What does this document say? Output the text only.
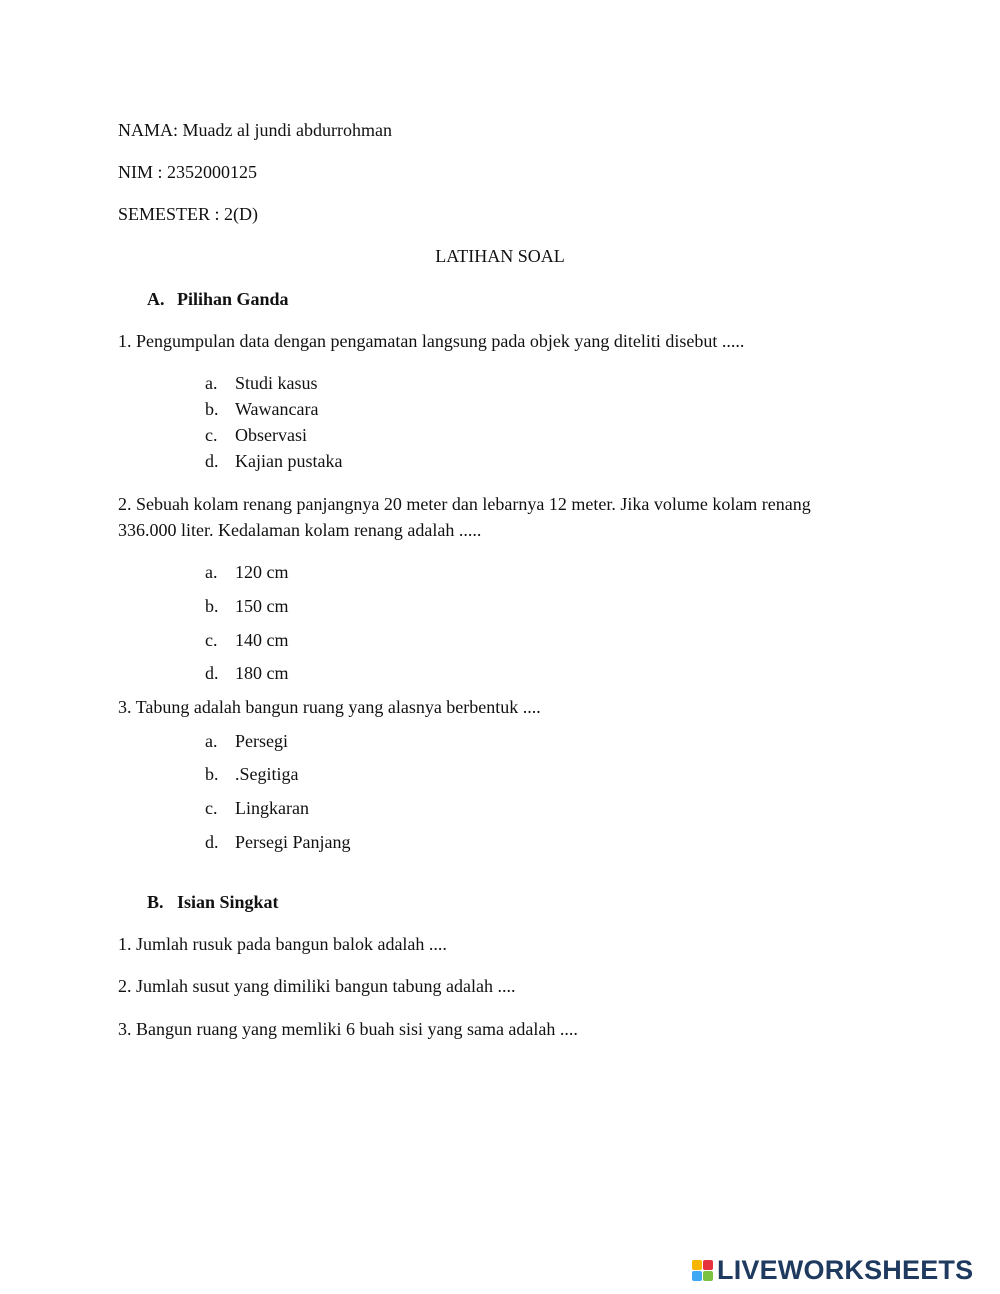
NAMA: Muadz al jundi abdurrohman
NIM : 2352000125
SEMESTER : 2(D)
LATIHAN SOAL
A. Pilihan Ganda
1. Pengumpulan data dengan pengamatan langsung pada objek yang diteliti disebut .....
a. Studi kasus
b. Wawancara
c. Observasi
d. Kajian pustaka
2. Sebuah kolam renang panjangnya 20 meter dan lebarnya 12 meter. Jika volume kolam renang
336.000 liter. Kedalaman kolam renang adalah .....
a. 120 cm
b. 150 cm
c. 140 cm
d. 180 cm
3. Tabung adalah bangun ruang yang alasnya berbentuk ....
a. Persegi
b. .Segitiga
c. Lingkaran
d. Persegi Panjang
B. Isian Singkat
1. Jumlah rusuk pada bangun balok adalah ....
2. Jumlah susut yang dimiliki bangun tabung adalah ....
3. Bangun ruang yang memliki 6 buah sisi yang sama adalah ....
LIVEWORKSHEETS
